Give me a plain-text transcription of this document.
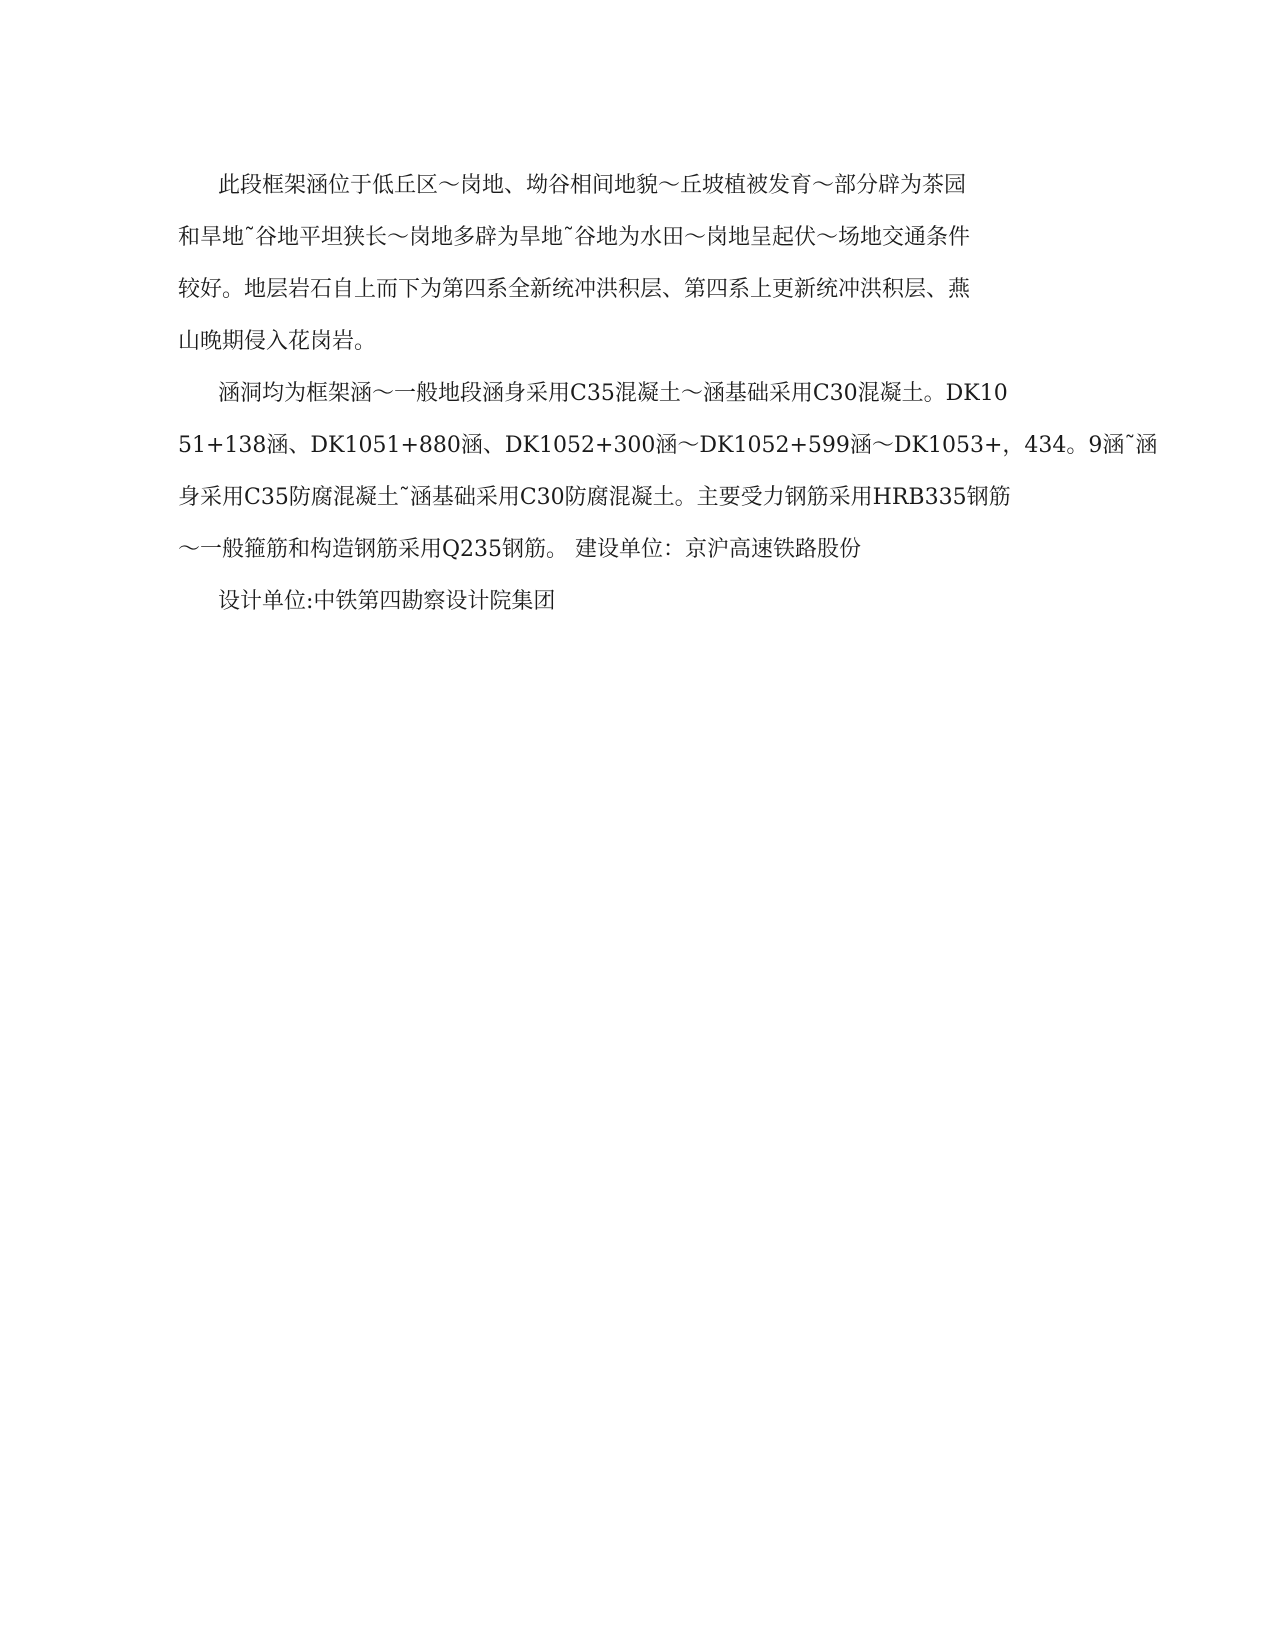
此段框架涵位于低丘区～岗地、坳谷相间地貌～丘坡植被发育～部分辟为茶园
和旱地˜谷地平坦狭长～岗地多辟为旱地˜谷地为水田～岗地呈起伏～场地交通条件
较好。地层岩石自上而下为第四系全新统冲洪积层、第四系上更新统冲洪积层、燕
山晚期侵入花岗岩。
涵洞均为框架涵～一般地段涵身采用C35混凝土～涵基础采用C30混凝土。DK10
51+138涵、DK1051+880涵、DK1052+300涵～DK1052+599涵～DK1053+，434。9涵˜涵
身采用C35防腐混凝土˜涵基础采用C30防腐混凝土。主要受力钢筋采用HRB335钢筋
～一般箍筋和构造钢筋采用Q235钢筋。 建设单位：京沪高速铁路股份
设计单位:中铁第四勘察设计院集团
